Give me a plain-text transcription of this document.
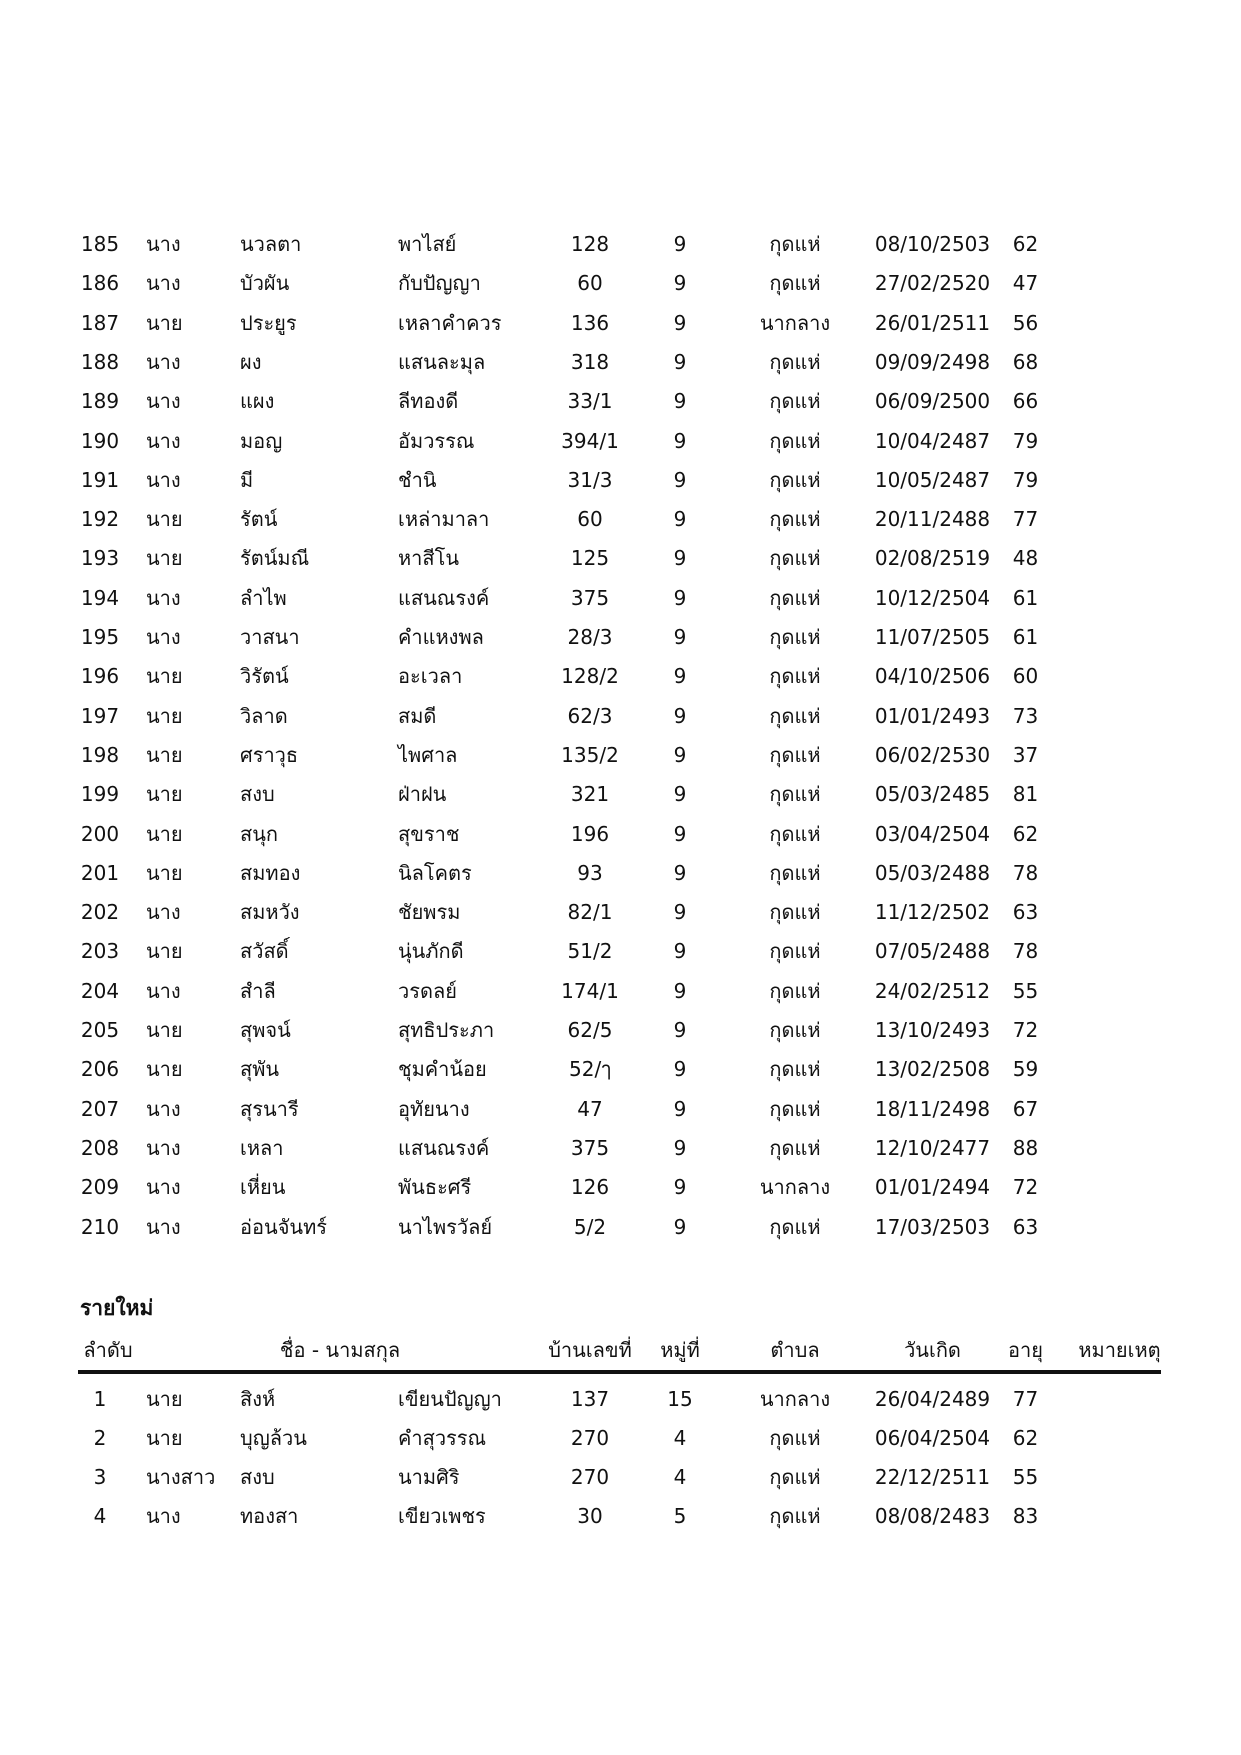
185	นาง	นวลตา	พาไสย์	128	9	กุดแห่	08/10/2503	62
186	นาง	บัวผัน	กับปัญญา	60	9	กุดแห่	27/02/2520	47
187	นาย	ประยูร	เหลาคำควร	136	9	นากลาง	26/01/2511	56
188	นาง	ผง	แสนละมุล	318	9	กุดแห่	09/09/2498	68
189	นาง	แผง	ลีทองดี	33/1	9	กุดแห่	06/09/2500	66
190	นาง	มอญ	อัมวรรณ	394/1	9	กุดแห่	10/04/2487	79
191	นาง	มี	ชำนิ	31/3	9	กุดแห่	10/05/2487	79
192	นาย	รัตน์	เหล่ามาลา	60	9	กุดแห่	20/11/2488	77
193	นาย	รัตน์มณี	หาสีโน	125	9	กุดแห่	02/08/2519	48
194	นาง	ลำไพ	แสนณรงค์	375	9	กุดแห่	10/12/2504	61
195	นาง	วาสนา	คำแหงพล	28/3	9	กุดแห่	11/07/2505	61
196	นาย	วิรัตน์	อะเวลา	128/2	9	กุดแห่	04/10/2506	60
197	นาย	วิลาด	สมดี	62/3	9	กุดแห่	01/01/2493	73
198	นาย	ศราวุธ	ไพศาล	135/2	9	กุดแห่	06/02/2530	37
199	นาย	สงบ	ฝ่าฝน	321	9	กุดแห่	05/03/2485	81
200	นาย	สนุก	สุขราช	196	9	กุดแห่	03/04/2504	62
201	นาย	สมทอง	นิลโคตร	93	9	กุดแห่	05/03/2488	78
202	นาง	สมหวัง	ชัยพรม	82/1	9	กุดแห่	11/12/2502	63
203	นาย	สวัสดิ์	นุ่นภักดี	51/2	9	กุดแห่	07/05/2488	78
204	นาง	สำลี	วรดลย์	174/1	9	กุดแห่	24/02/2512	55
205	นาย	สุพจน์	สุทธิประภา	62/5	9	กุดแห่	13/10/2493	72
206	นาย	สุพัน	ชุมคำน้อย	52/ๅ	9	กุดแห่	13/02/2508	59
207	นาง	สุรนารี	อุทัยนาง	47	9	กุดแห่	18/11/2498	67
208	นาง	เหลา	แสนณรงค์	375	9	กุดแห่	12/10/2477	88
209	นาง	เหี่ยน	พันธะศรี	126	9	นากลาง	01/01/2494	72
210	นาง	อ่อนจันทร์	นาไพรวัลย์	5/2	9	กุดแห่	17/03/2503	63
รายใหม่
ลำดับ	ชื่อ - นามสกุล	บ้านเลขที่	หมู่ที่	ตำบล	วันเกิด	อายุ	หมายเหตุ
1	นาย	สิงห์	เขียนปัญญา	137	15	นากลาง	26/04/2489	77
2	นาย	บุญล้วน	คำสุวรรณ	270	4	กุดแห่	06/04/2504	62
3	นางสาว สงบ	นามศิริ	270	4	กุดแห่	22/12/2511	55
4	นาง	ทองสา	เขียวเพชร	30	5	กุดแห่	08/08/2483	83
